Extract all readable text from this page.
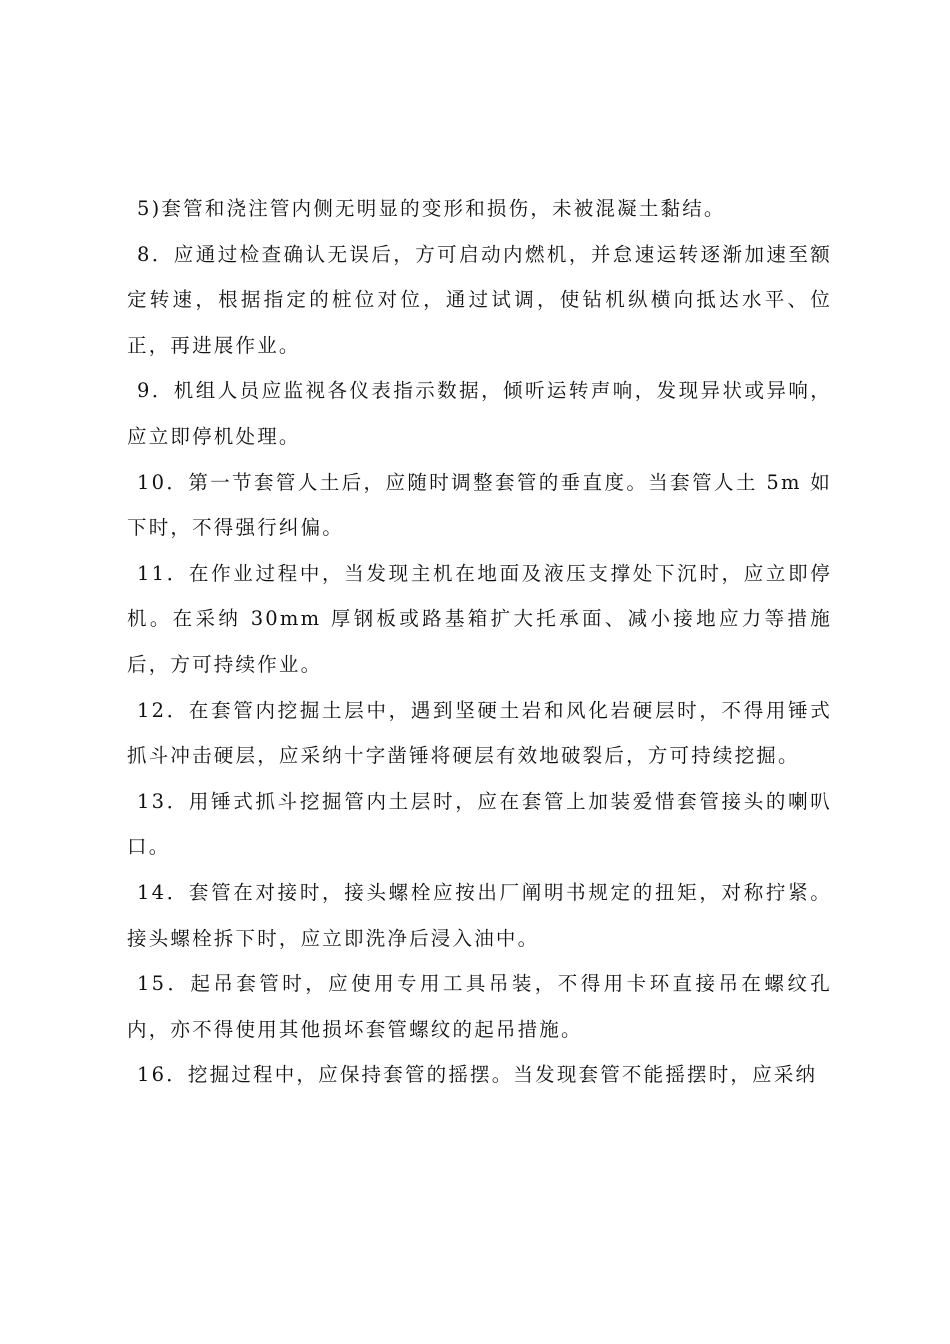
5)套管和浇注管内侧无明显的变形和损伤，未被混凝土黏结。

8．应通过检查确认无误后，方可启动内燃机，并怠速运转逐渐加速至额定转速，根据指定的桩位对位，通过试调，使钻机纵横向抵达水平、位正，再进展作业。

9．机组人员应监视各仪表指示数据，倾听运转声响，发现异状或异响，应立即停机处理。

10．第一节套管人土后，应随时调整套管的垂直度。当套管人土 5m 如下时，不得强行纠偏。

11．在作业过程中，当发现主机在地面及液压支撑处下沉时，应立即停机。在采纳 30mm 厚钢板或路基箱扩大托承面、减小接地应力等措施后，方可持续作业。

12．在套管内挖掘土层中，遇到坚硬土岩和风化岩硬层时，不得用锤式抓斗冲击硬层，应采纳十字凿锤将硬层有效地破裂后，方可持续挖掘。

13．用锤式抓斗挖掘管内土层时，应在套管上加装爱惜套管接头的喇叭口。

14．套管在对接时，接头螺栓应按出厂阐明书规定的扭矩，对称拧紧。接头螺栓拆下时，应立即洗净后浸入油中。

15．起吊套管时，应使用专用工具吊装，不得用卡环直接吊在螺纹孔内，亦不得使用其他损坏套管螺纹的起吊措施。

16．挖掘过程中，应保持套管的摇摆。当发现套管不能摇摆时，应采纳
